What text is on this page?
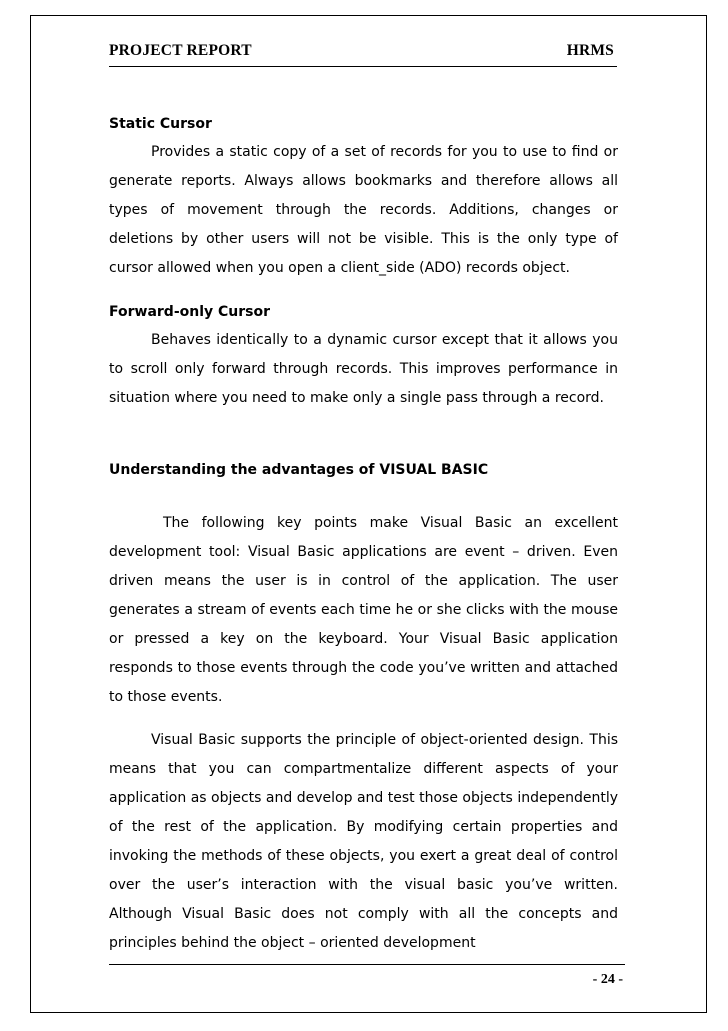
PROJECT REPORT	HRMS
Static Cursor

Provides a static copy of a set of records for you to use to find or generate reports. Always allows bookmarks and therefore allows all types of movement through the records. Additions, changes or deletions by other users will not be visible. This is the only type of cursor allowed when you open a client_side (ADO) records object.

Forward-only Cursor

Behaves identically to a dynamic cursor except that it allows you to scroll only forward through records. This improves performance in situation where you need to make only a single pass through a record.

Understanding the advantages of VISUAL BASIC

The following key points make Visual Basic an excellent development tool: Visual Basic applications are event – driven. Even driven means the user is in control of the application. The user generates a stream of events each time he or she clicks with the mouse or pressed a key on the keyboard. Your Visual Basic application responds to those events through the code you’ve written and attached to those events.

Visual Basic supports the principle of object-oriented design. This means that you can compartmentalize different aspects of your application as objects and develop and test those objects independently of the rest of the application. By modifying certain properties and invoking the methods of these objects, you exert a great deal of control over the user’s interaction with the visual basic you’ve written. Although Visual Basic does not comply with all the concepts and principles behind the object – oriented development

- 24 -
